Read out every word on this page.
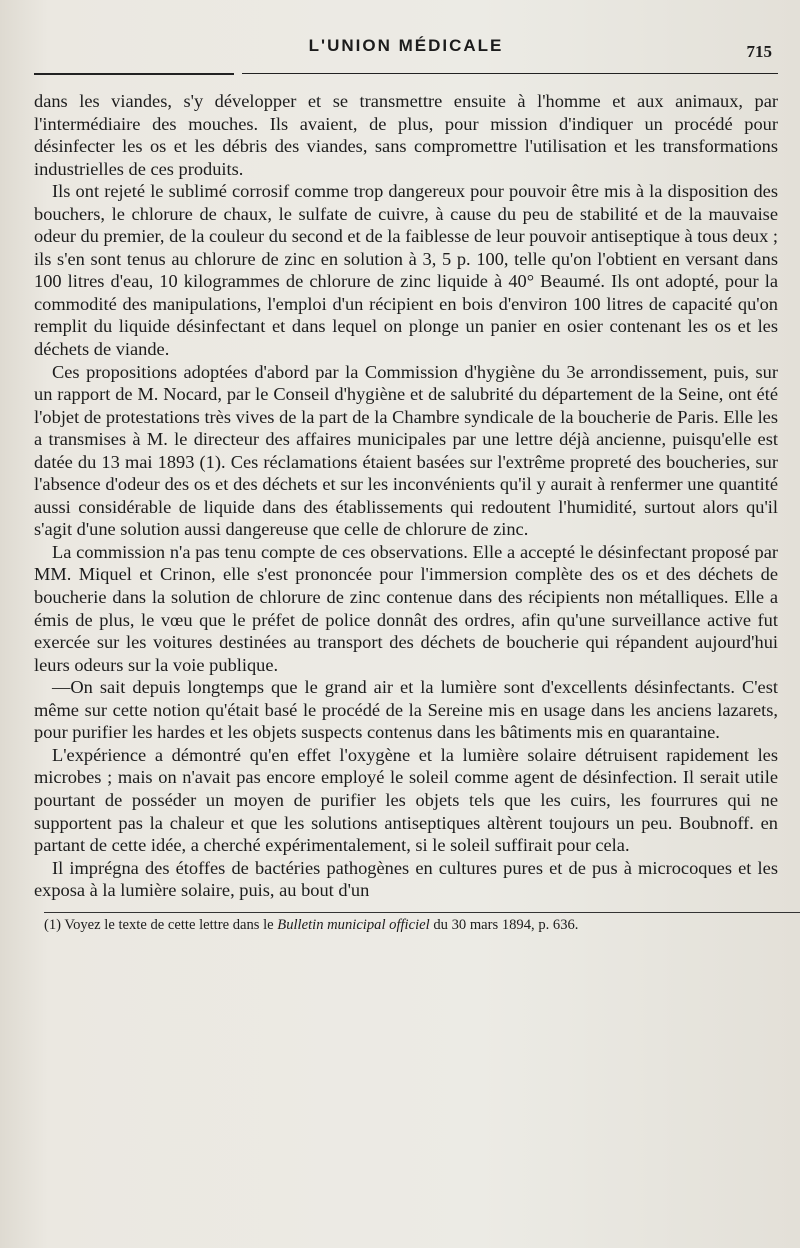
L'UNION MÉDICALE	715

dans les viandes, s'y développer et se transmettre ensuite à l'homme et aux animaux, par l'intermédiaire des mouches. Ils avaient, de plus, pour mission d'indiquer un procédé pour désinfecter les os et les débris des viandes, sans compromettre l'utilisation et les transformations industrielles de ces produits.

Ils ont rejeté le sublimé corrosif comme trop dangereux pour pouvoir être mis à la disposition des bouchers, le chlorure de chaux, le sulfate de cuivre, à cause du peu de stabilité et de la mauvaise odeur du premier, de la couleur du second et de la faiblesse de leur pouvoir antiseptique à tous deux ; ils s'en sont tenus au chlorure de zinc en solution à 3, 5 p. 100, telle qu'on l'obtient en versant dans 100 litres d'eau, 10 kilogrammes de chlorure de zinc liquide à 40° Beaumé. Ils ont adopté, pour la commodité des manipulations, l'emploi d'un récipient en bois d'environ 100 litres de capacité qu'on remplit du liquide désinfectant et dans lequel on plonge un panier en osier contenant les os et les déchets de viande.

Ces propositions adoptées d'abord par la Commission d'hygiène du 3e arrondissement, puis, sur un rapport de M. Nocard, par le Conseil d'hygiène et de salubrité du département de la Seine, ont été l'objet de protestations très vives de la part de la Chambre syndicale de la boucherie de Paris. Elle les a transmises à M. le directeur des affaires municipales par une lettre déjà ancienne, puisqu'elle est datée du 13 mai 1893 (1). Ces réclamations étaient basées sur l'extrême propreté des boucheries, sur l'absence d'odeur des os et des déchets et sur les inconvénients qu'il y aurait à renfermer une quantité aussi considérable de liquide dans des établissements qui redoutent l'humidité, surtout alors qu'il s'agit d'une solution aussi dangereuse que celle de chlorure de zinc.

La commission n'a pas tenu compte de ces observations. Elle a accepté le désinfectant proposé par MM. Miquel et Crinon, elle s'est prononcée pour l'immersion complète des os et des déchets de boucherie dans la solution de chlorure de zinc contenue dans des récipients non métalliques. Elle a émis de plus, le vœu que le préfet de police donnât des ordres, afin qu'une surveillance active fut exercée sur les voitures destinées au transport des déchets de boucherie qui répandent aujourd'hui leurs odeurs sur la voie publique.

—On sait depuis longtemps que le grand air et la lumière sont d'excellents désinfectants. C'est même sur cette notion qu'était basé le procédé de la Sereine mis en usage dans les anciens lazarets, pour purifier les hardes et les objets suspects contenus dans les bâtiments mis en quarantaine.

L'expérience a démontré qu'en effet l'oxygène et la lumière solaire détruisent rapidement les microbes ; mais on n'avait pas encore employé le soleil comme agent de désinfection. Il serait utile pourtant de posséder un moyen de purifier les objets tels que les cuirs, les fourrures qui ne supportent pas la chaleur et que les solutions antiseptiques altèrent toujours un peu. Boubnoff. en partant de cette idée, a cherché expérimentalement, si le soleil suffirait pour cela.

Il imprégna des étoffes de bactéries pathogènes en cultures pures et de pus à microcoques et les exposa à la lumière solaire, puis, au bout d'un

(1) Voyez le texte de cette lettre dans le Bulletin municipal officiel du 30 mars 1894, p. 636.
